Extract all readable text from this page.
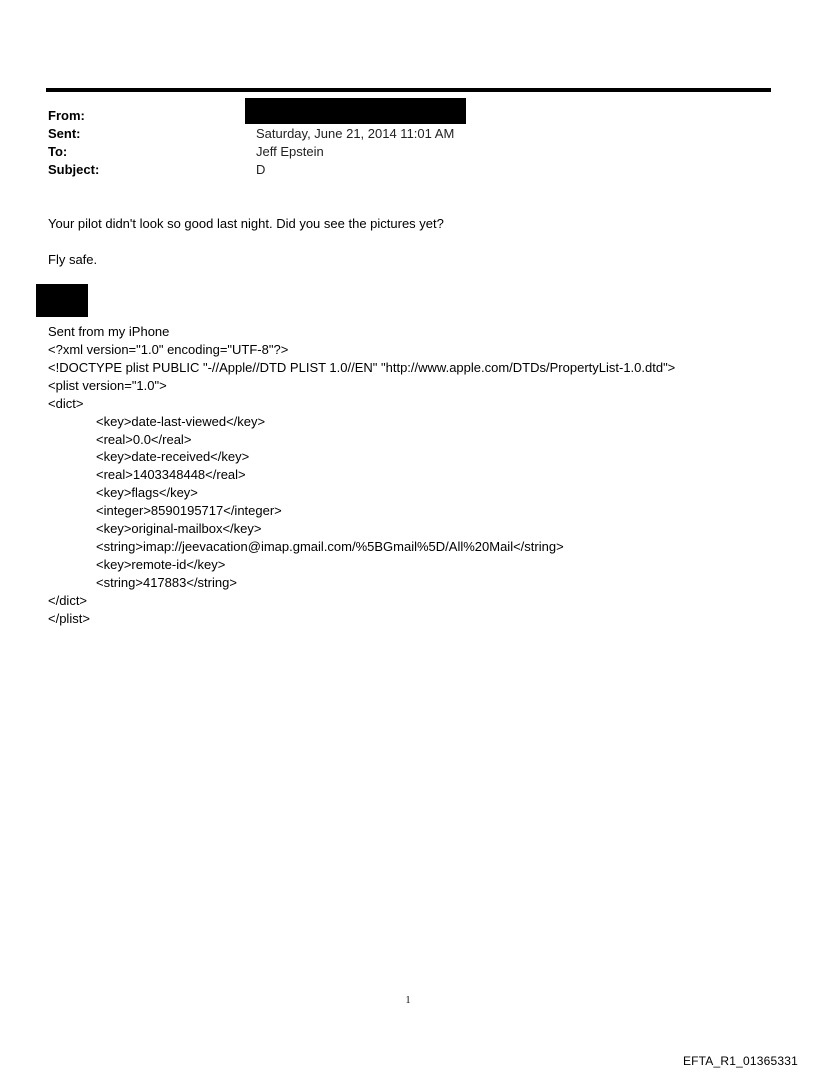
From:
Sent:	Saturday, June 21, 2014 11:01 AM
To:	Jeff Epstein
Subject:	D
Your pilot didn't look so good last night. Did you see the pictures yet?
Fly safe.
Sent from my iPhone
<?xml version="1.0" encoding="UTF-8"?>
<!DOCTYPE plist PUBLIC "-//Apple//DTD PLIST 1.0//EN" "http://www.apple.com/DTDs/PropertyList-1.0.dtd">
<plist version="1.0">
<dict>
<key>date-last-viewed</key>
<real>0.0</real>
<key>date-received</key>
<real>1403348448</real>
<key>flags</key>
<integer>8590195717</integer>
<key>original-mailbox</key>
<string>imap://jeevacation@imap.gmail.com/%5BGmail%5D/All%20Mail</string>
<key>remote-id</key>
<string>417883</string>
</dict>
</plist>
1
EFTA_R1_01365331
